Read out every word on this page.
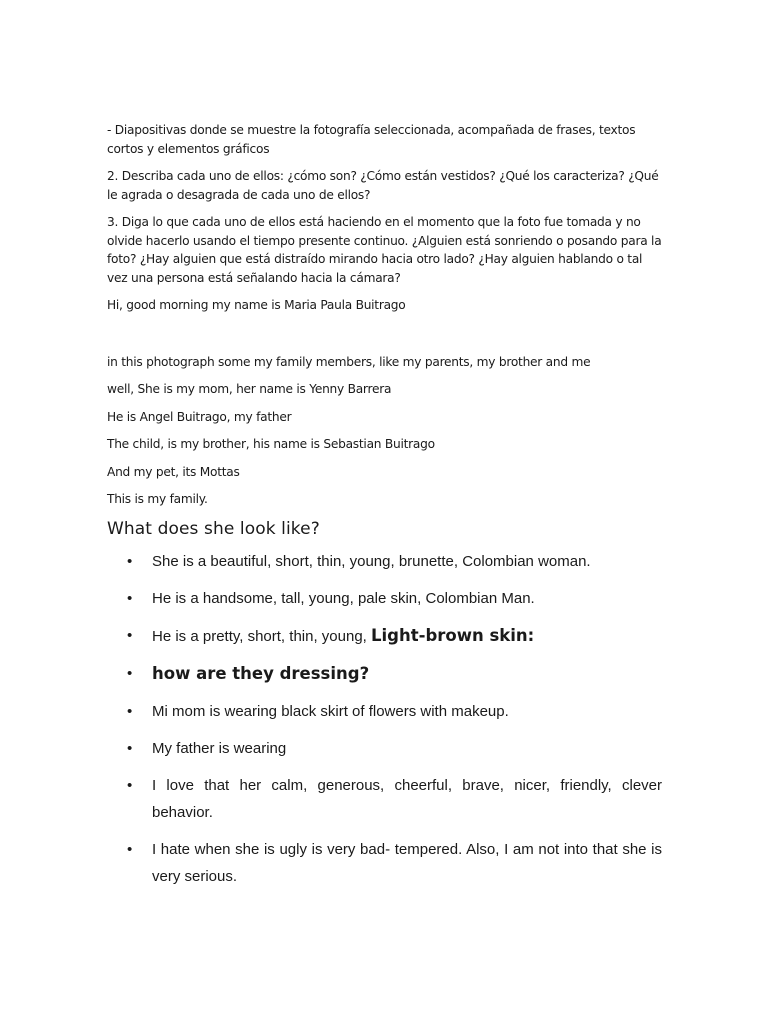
- Diapositivas donde se muestre la fotografía seleccionada, acompañada de frases, textos cortos y elementos gráficos

2. Describa cada uno de ellos: ¿cómo son? ¿Cómo están vestidos? ¿Qué los caracteriza? ¿Qué le agrada o desagrada de cada uno de ellos?

3. Diga lo que cada uno de ellos está haciendo en el momento que la foto fue tomada y no olvide hacerlo usando el tiempo presente continuo. ¿Alguien está sonriendo o posando para la foto? ¿Hay alguien que está distraído mirando hacia otro lado? ¿Hay alguien hablando o tal vez una persona está señalando hacia la cámara?

Hi, good morning my name is Maria Paula Buitrago

in this photograph some my family members, like my parents, my brother and me

well, She is my mom, her name is Yenny Barrera

He is Angel Buitrago, my father

The child, is my brother, his name is Sebastian Buitrago

And my pet, its Mottas

This is my family.

What does she look like?
• She is a beautiful, short, thin, young, brunette, Colombian woman.
• He is a handsome, tall, young, pale skin, Colombian Man.
• He is a pretty, short, thin, young, Light-brown skin:
• how are they dressing?
• Mi mom is wearing black skirt of flowers with makeup.
• My father is wearing
• I love that her calm, generous, cheerful, brave, nicer, friendly, clever behavior.
• I hate when she is ugly is very bad- tempered. Also, I am not into that she is very serious.
